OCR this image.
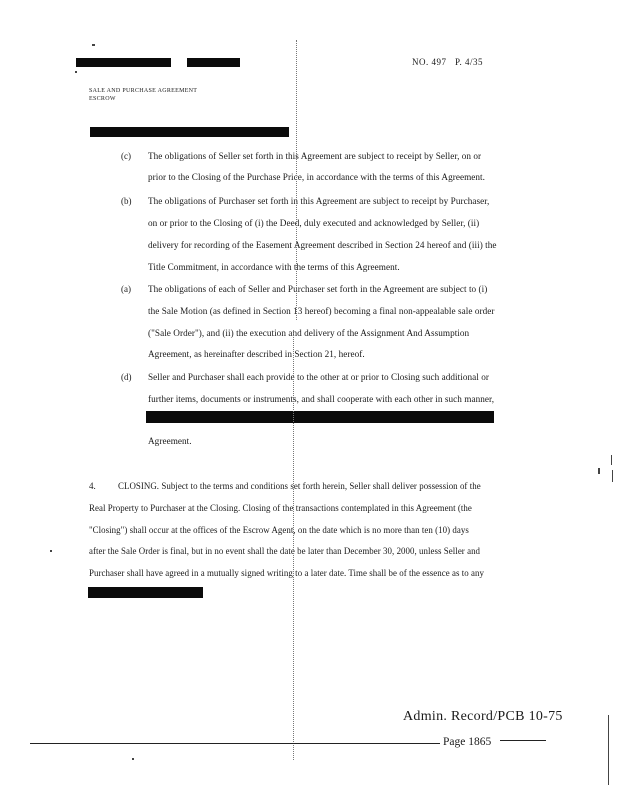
NO. 497 P. 4/35
SALE AND PURCHASE AGREEMENT
ESCROW
(c) The obligations of Seller set forth in this Agreement are subject to receipt by Seller, on or
prior to the Closing of the Purchase Price, in accordance with the terms of this Agreement.
(b) The obligations of Purchaser set forth in this Agreement are subject to receipt by Purchaser,
on or prior to the Closing of (i) the Deed, duly executed and acknowledged by Seller, (ii)
delivery for recording of the Easement Agreement described in Section 24 hereof and (iii) the
Title Commitment, in accordance with the terms of this Agreement.
(a) The obligations of each of Seller and Purchaser set forth in the Agreement are subject to (i)
the Sale Motion (as defined in Section 13 hereof) becoming a final non-appealable sale order
("Sale Order"), and (ii) the execution and delivery of the Assignment And Assumption
Agreement, as hereinafter described in Section 21, hereof.
(d) Seller and Purchaser shall each provide to the other at or prior to Closing such additional or
further items, documents or instruments, and shall cooperate with each other in such manner,
Agreement.
4.	CLOSING. Subject to the terms and conditions set forth herein, Seller shall deliver possession of the
Real Property to Purchaser at the Closing. Closing of the transactions contemplated in this Agreement (the
"Closing") shall occur at the offices of the Escrow Agent, on the date which is no more than ten (10) days
after the Sale Order is final, but in no event shall the date be later than December 30, 2000, unless Seller and
Purchaser shall have agreed in a mutually signed writing to a later date. Time shall be of the essence as to any
Admin. Record/PCB 10-75
Page 1865
